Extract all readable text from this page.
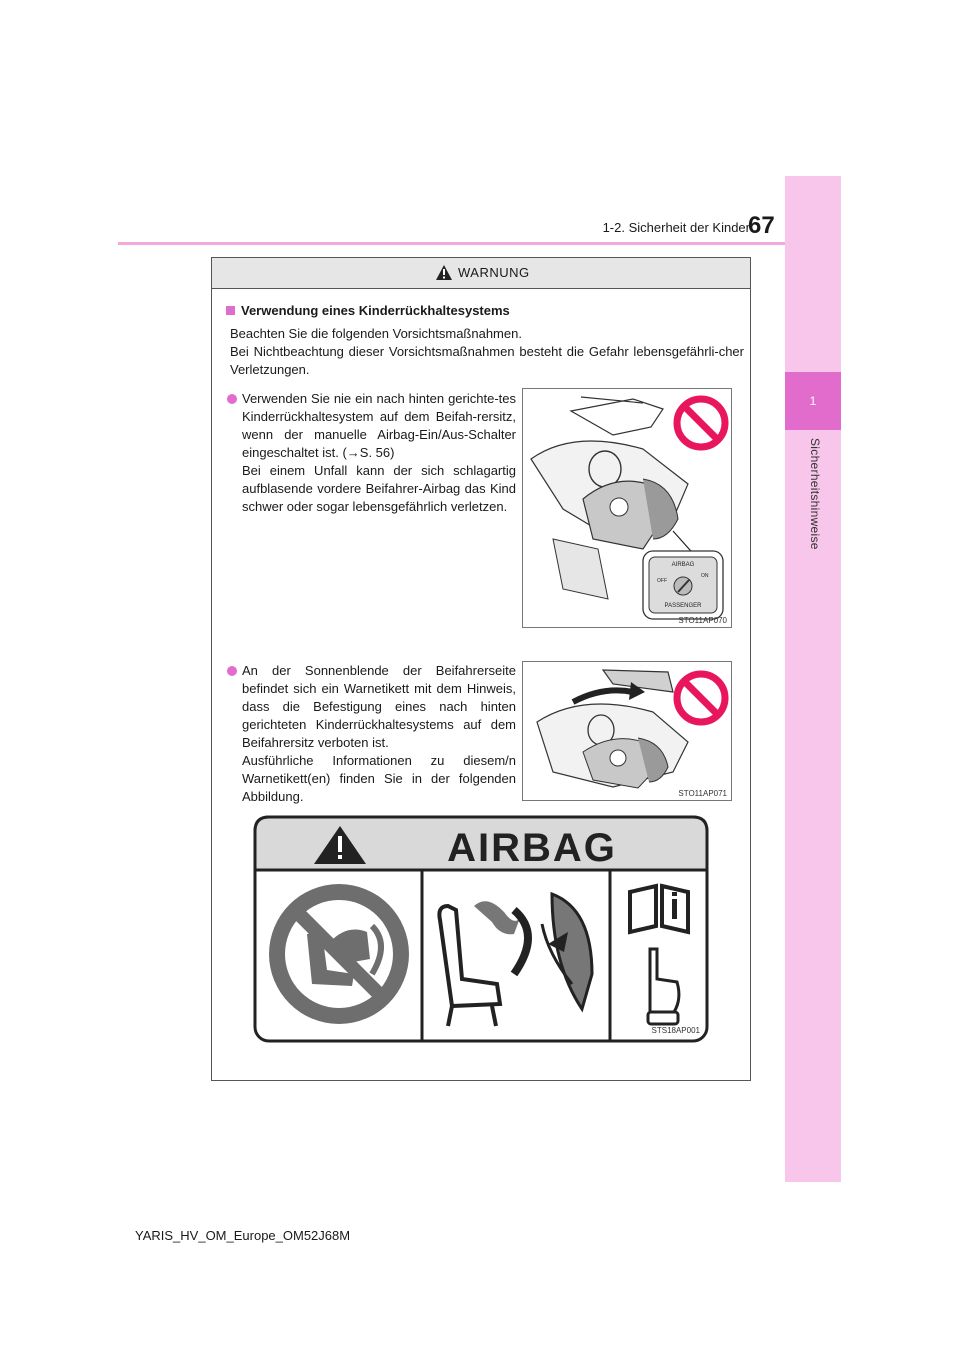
1
Sicherheitshinweise
1-2. Sicherheit der Kinder
67
WARNUNG
Verwendung eines Kinderrückhaltesystems

Beachten Sie die folgenden Vorsichtsmaßnahmen.

Bei Nichtbeachtung dieser Vorsichtsmaßnahmen besteht die Gefahr lebensgefährli-cher Verletzungen.

Verwenden Sie nie ein nach hinten gerichte-tes Kinderrückhaltesystem auf dem Beifah-rersitz, wenn der manuelle Airbag-Ein/Aus-Schalter eingeschaltet ist. (→S. 56)

Bei einem Unfall kann der sich schlagartig aufblasende vordere Beifahrer-Airbag das Kind schwer oder sogar lebensgefährlich verletzen.

AIRBAG
OFF
ON
PASSENGER
STO11AP070

An der Sonnenblende der Beifahrerseite befindet sich ein Warnetikett mit dem Hinweis, dass die Befestigung eines nach hinten gerichteten Kinderrückhaltesystems auf dem Beifahrersitz verboten ist.

Ausführliche Informationen zu diesem/n Warnetikett(en) finden Sie in der folgenden Abbildung.	STO11AP071
AIRBAG
STS18AP001
YARIS_HV_OM_Europe_OM52J68M
